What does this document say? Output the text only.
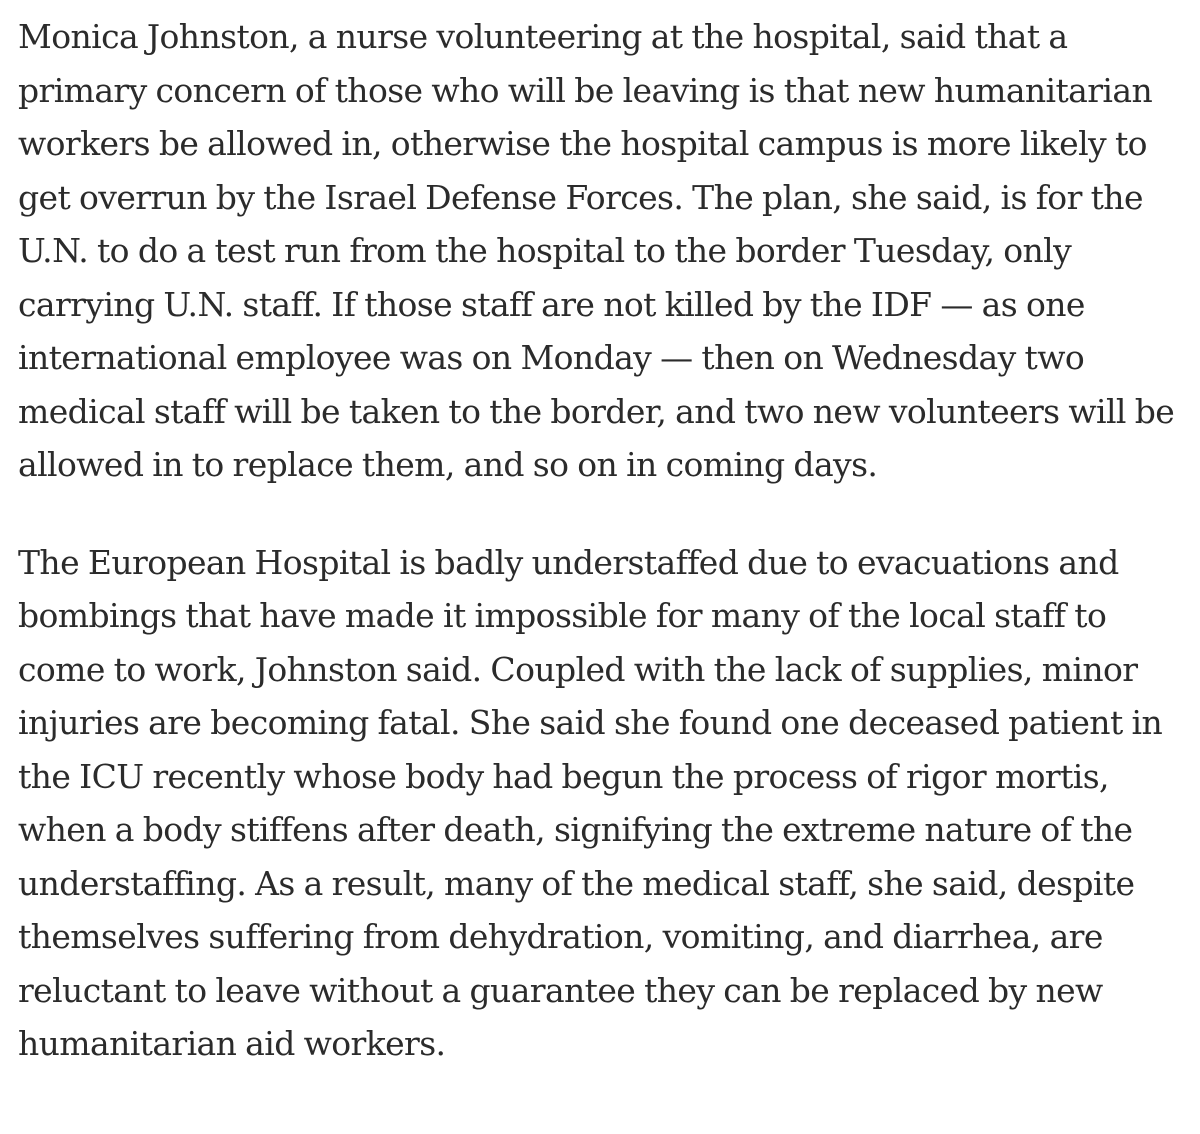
Monica Johnston, a nurse volunteering at the hospital, said that a primary concern of those who will be leaving is that new humanitarian workers be allowed in, otherwise the hospital campus is more likely to get overrun by the Israel Defense Forces. The plan, she said, is for the U.N. to do a test run from the hospital to the border Tuesday, only carrying U.N. staff. If those staff are not killed by the IDF — as one international employee was on Monday — then on Wednesday two medical staff will be taken to the border, and two new volunteers will be allowed in to replace them, and so on in coming days.

The European Hospital is badly understaffed due to evacuations and bombings that have made it impossible for many of the local staff to come to work, Johnston said. Coupled with the lack of supplies, minor injuries are becoming fatal. She said she found one deceased patient in the ICU recently whose body had begun the process of rigor mortis, when a body stiffens after death, signifying the extreme nature of the understaffing. As a result, many of the medical staff, she said, despite themselves suffering from dehydration, vomiting, and diarrhea, are reluctant to leave without a guarantee they can be replaced by new humanitarian aid workers.
